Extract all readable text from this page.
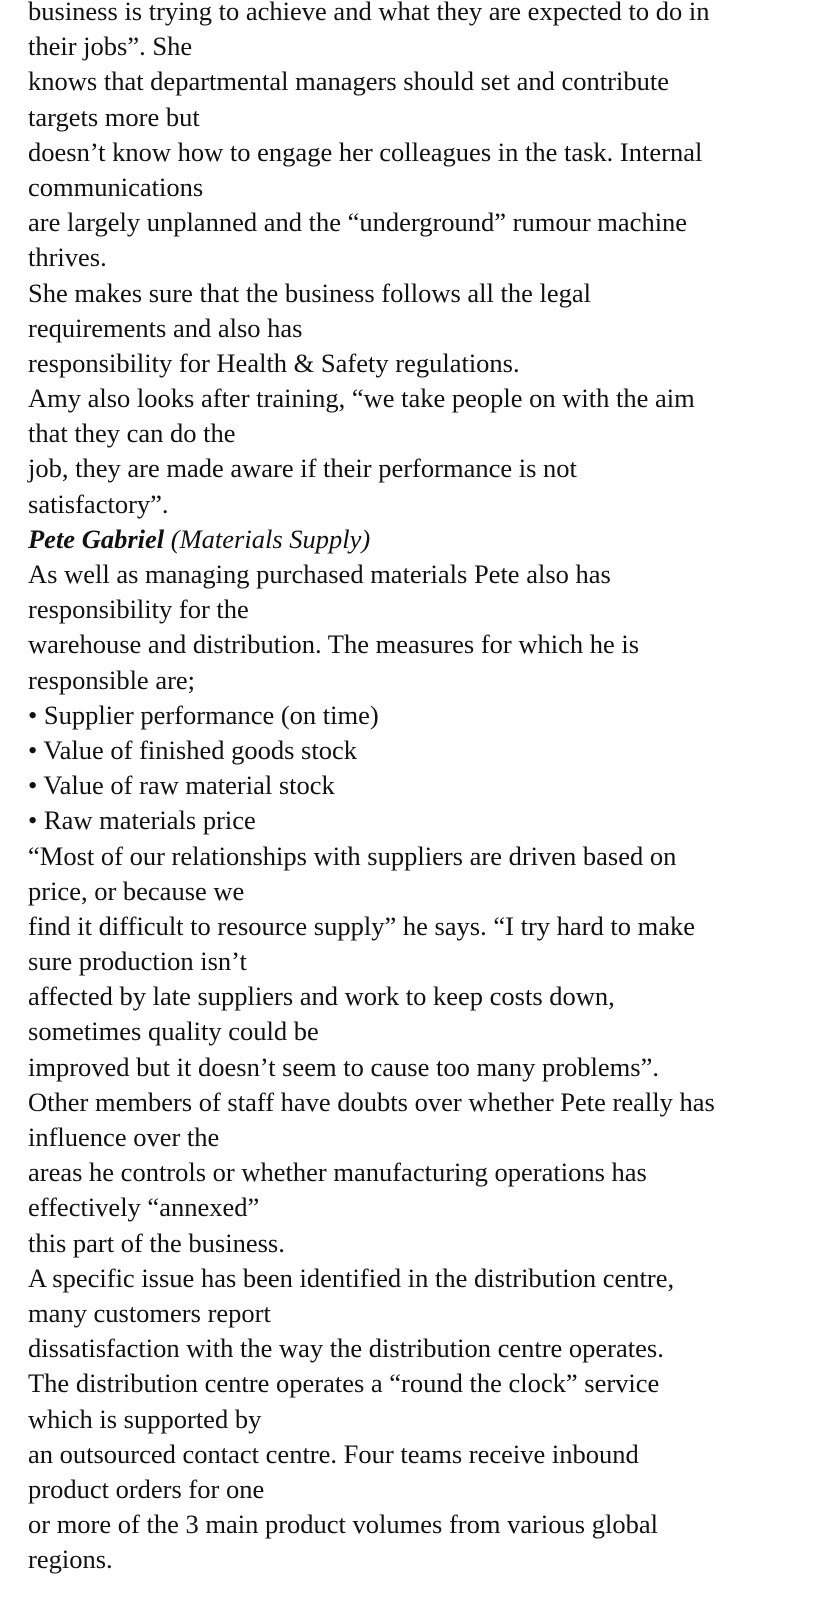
business is trying to achieve and what they are expected to do in
their jobs”. She
knows that departmental managers should set and contribute
targets more but
doesn’t know how to engage her colleagues in the task. Internal
communications
are largely unplanned and the “underground” rumour machine
thrives.
She makes sure that the business follows all the legal
requirements and also has
responsibility for Health & Safety regulations.
Amy also looks after training, “we take people on with the aim
that they can do the
job, they are made aware if their performance is not
satisfactory”.
Pete Gabriel (Materials Supply)
As well as managing purchased materials Pete also has
responsibility for the
warehouse and distribution. The measures for which he is
responsible are;
• Supplier performance (on time)
• Value of finished goods stock
• Value of raw material stock
• Raw materials price
“Most of our relationships with suppliers are driven based on
price, or because we
find it difficult to resource supply” he says. “I try hard to make
sure production isn’t
affected by late suppliers and work to keep costs down,
sometimes quality could be
improved but it doesn’t seem to cause too many problems”.
Other members of staff have doubts over whether Pete really has
influence over the
areas he controls or whether manufacturing operations has
effectively “annexed”
this part of the business.
A specific issue has been identified in the distribution centre,
many customers report
dissatisfaction with the way the distribution centre operates.
The distribution centre operates a “round the clock” service
which is supported by
an outsourced contact centre. Four teams receive inbound
product orders for one
or more of the 3 main product volumes from various global
regions.
